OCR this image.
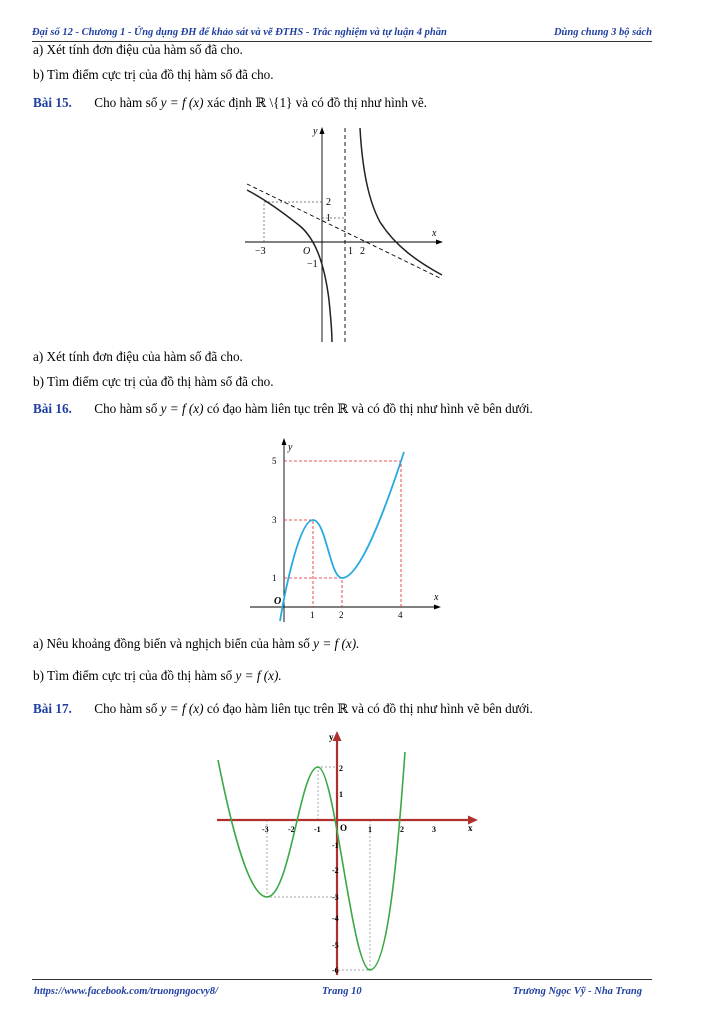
Đại số 12 - Chương 1 - Ứng dụng ĐH để khảo sát và vẽ ĐTHS - Trắc nghiệm và tự luận 4 phần	Dùng chung 3 bộ sách
a) Xét tính đơn điệu của hàm số đã cho.
b) Tìm điểm cực trị của đồ thị hàm số đã cho.
Bài 15. Cho hàm số y = f (x) xác định ℝ \{1} và có đồ thị như hình vẽ.
x
y
O
−3	1 2
2
1
−1
a) Xét tính đơn điệu của hàm số đã cho.
b) Tìm điểm cực trị của đồ thị hàm số đã cho.
Bài 16. Cho hàm số y = f (x) có đạo hàm liên tục trên ℝ và có đồ thị như hình vẽ bên dưới.
x
y
O
1	2	4
5
3
1
a) Nêu khoảng đồng biến và nghịch biến của hàm số y = f (x).
b) Tìm điểm cực trị của đồ thị hàm số y = f (x).
Bài 17. Cho hàm số y = f (x) có đạo hàm liên tục trên ℝ và có đồ thị như hình vẽ bên dưới.
x
y
O
-3 -2 -1	1	2	3
2
1
-1
-2
-3
-4
-5
-6
https://www.facebook.com/truongngocvy8/	Trang 10	Trương Ngọc Vỹ - Nha Trang
